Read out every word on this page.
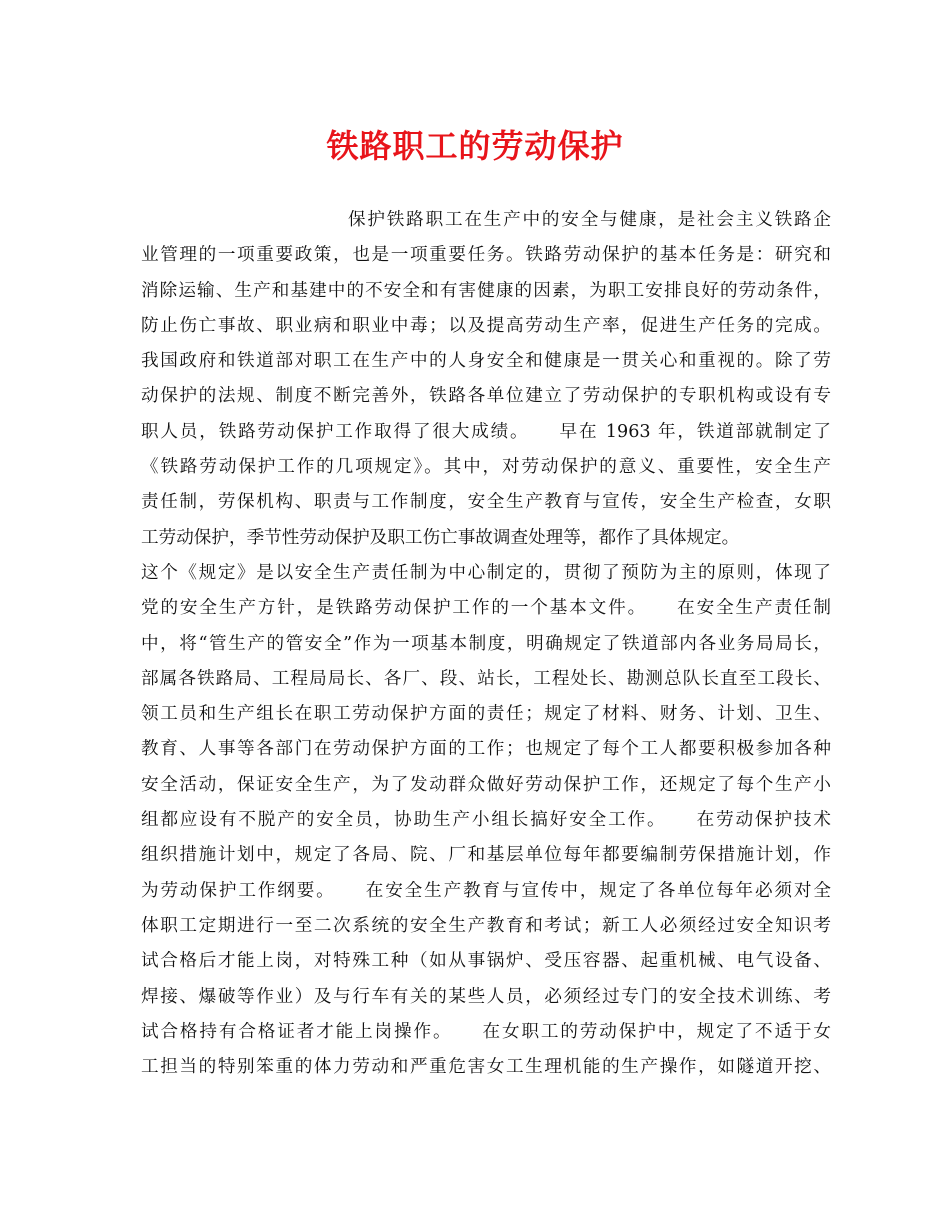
铁路职工的劳动保护
保护铁路职工在生产中的安全与健康，是社会主义铁路企
业管理的一项重要政策，也是一项重要任务。铁路劳动保护的基本任务是：研究和
消除运输、生产和基建中的不安全和有害健康的因素，为职工安排良好的劳动条件，
防止伤亡事故、职业病和职业中毒；以及提高劳动生产率，促进生产任务的完成。
我国政府和铁道部对职工在生产中的人身安全和健康是一贯关心和重视的。除了劳
动保护的法规、制度不断完善外，铁路各单位建立了劳动保护的专职机构或设有专
职人员，铁路劳动保护工作取得了很大成绩。　　早在 1963 年，铁道部就制定了
《铁路劳动保护工作的几项规定》。其中，对劳动保护的意义、重要性，安全生产
责任制，劳保机构、职责与工作制度，安全生产教育与宣传，安全生产检查，女职
工劳动保护，季节性劳动保护及职工伤亡事故调查处理等，都作了具体规定。
这个《规定》是以安全生产责任制为中心制定的，贯彻了预防为主的原则，体现了
党的安全生产方针，是铁路劳动保护工作的一个基本文件。　　在安全生产责任制
中，将“管生产的管安全”作为一项基本制度，明确规定了铁道部内各业务局局长，
部属各铁路局、工程局局长、各厂、段、站长，工程处长、勘测总队长直至工段长、
领工员和生产组长在职工劳动保护方面的责任；规定了材料、财务、计划、卫生、
教育、人事等各部门在劳动保护方面的工作；也规定了每个工人都要积极参加各种
安全活动，保证安全生产，为了发动群众做好劳动保护工作，还规定了每个生产小
组都应设有不脱产的安全员，协助生产小组长搞好安全工作。　　在劳动保护技术
组织措施计划中，规定了各局、院、厂和基层单位每年都要编制劳保措施计划，作
为劳动保护工作纲要。　　在安全生产教育与宣传中，规定了各单位每年必须对全
体职工定期进行一至二次系统的安全生产教育和考试；新工人必须经过安全知识考
试合格后才能上岗，对特殊工种（如从事锅炉、受压容器、起重机械、电气设备、
焊接、爆破等作业）及与行车有关的某些人员，必须经过专门的安全技术训练、考
试合格持有合格证者才能上岗操作。　　在女职工的劳动保护中，规定了不适于女
工担当的特别笨重的体力劳动和严重危害女工生理机能的生产操作，如隧道开挖、
